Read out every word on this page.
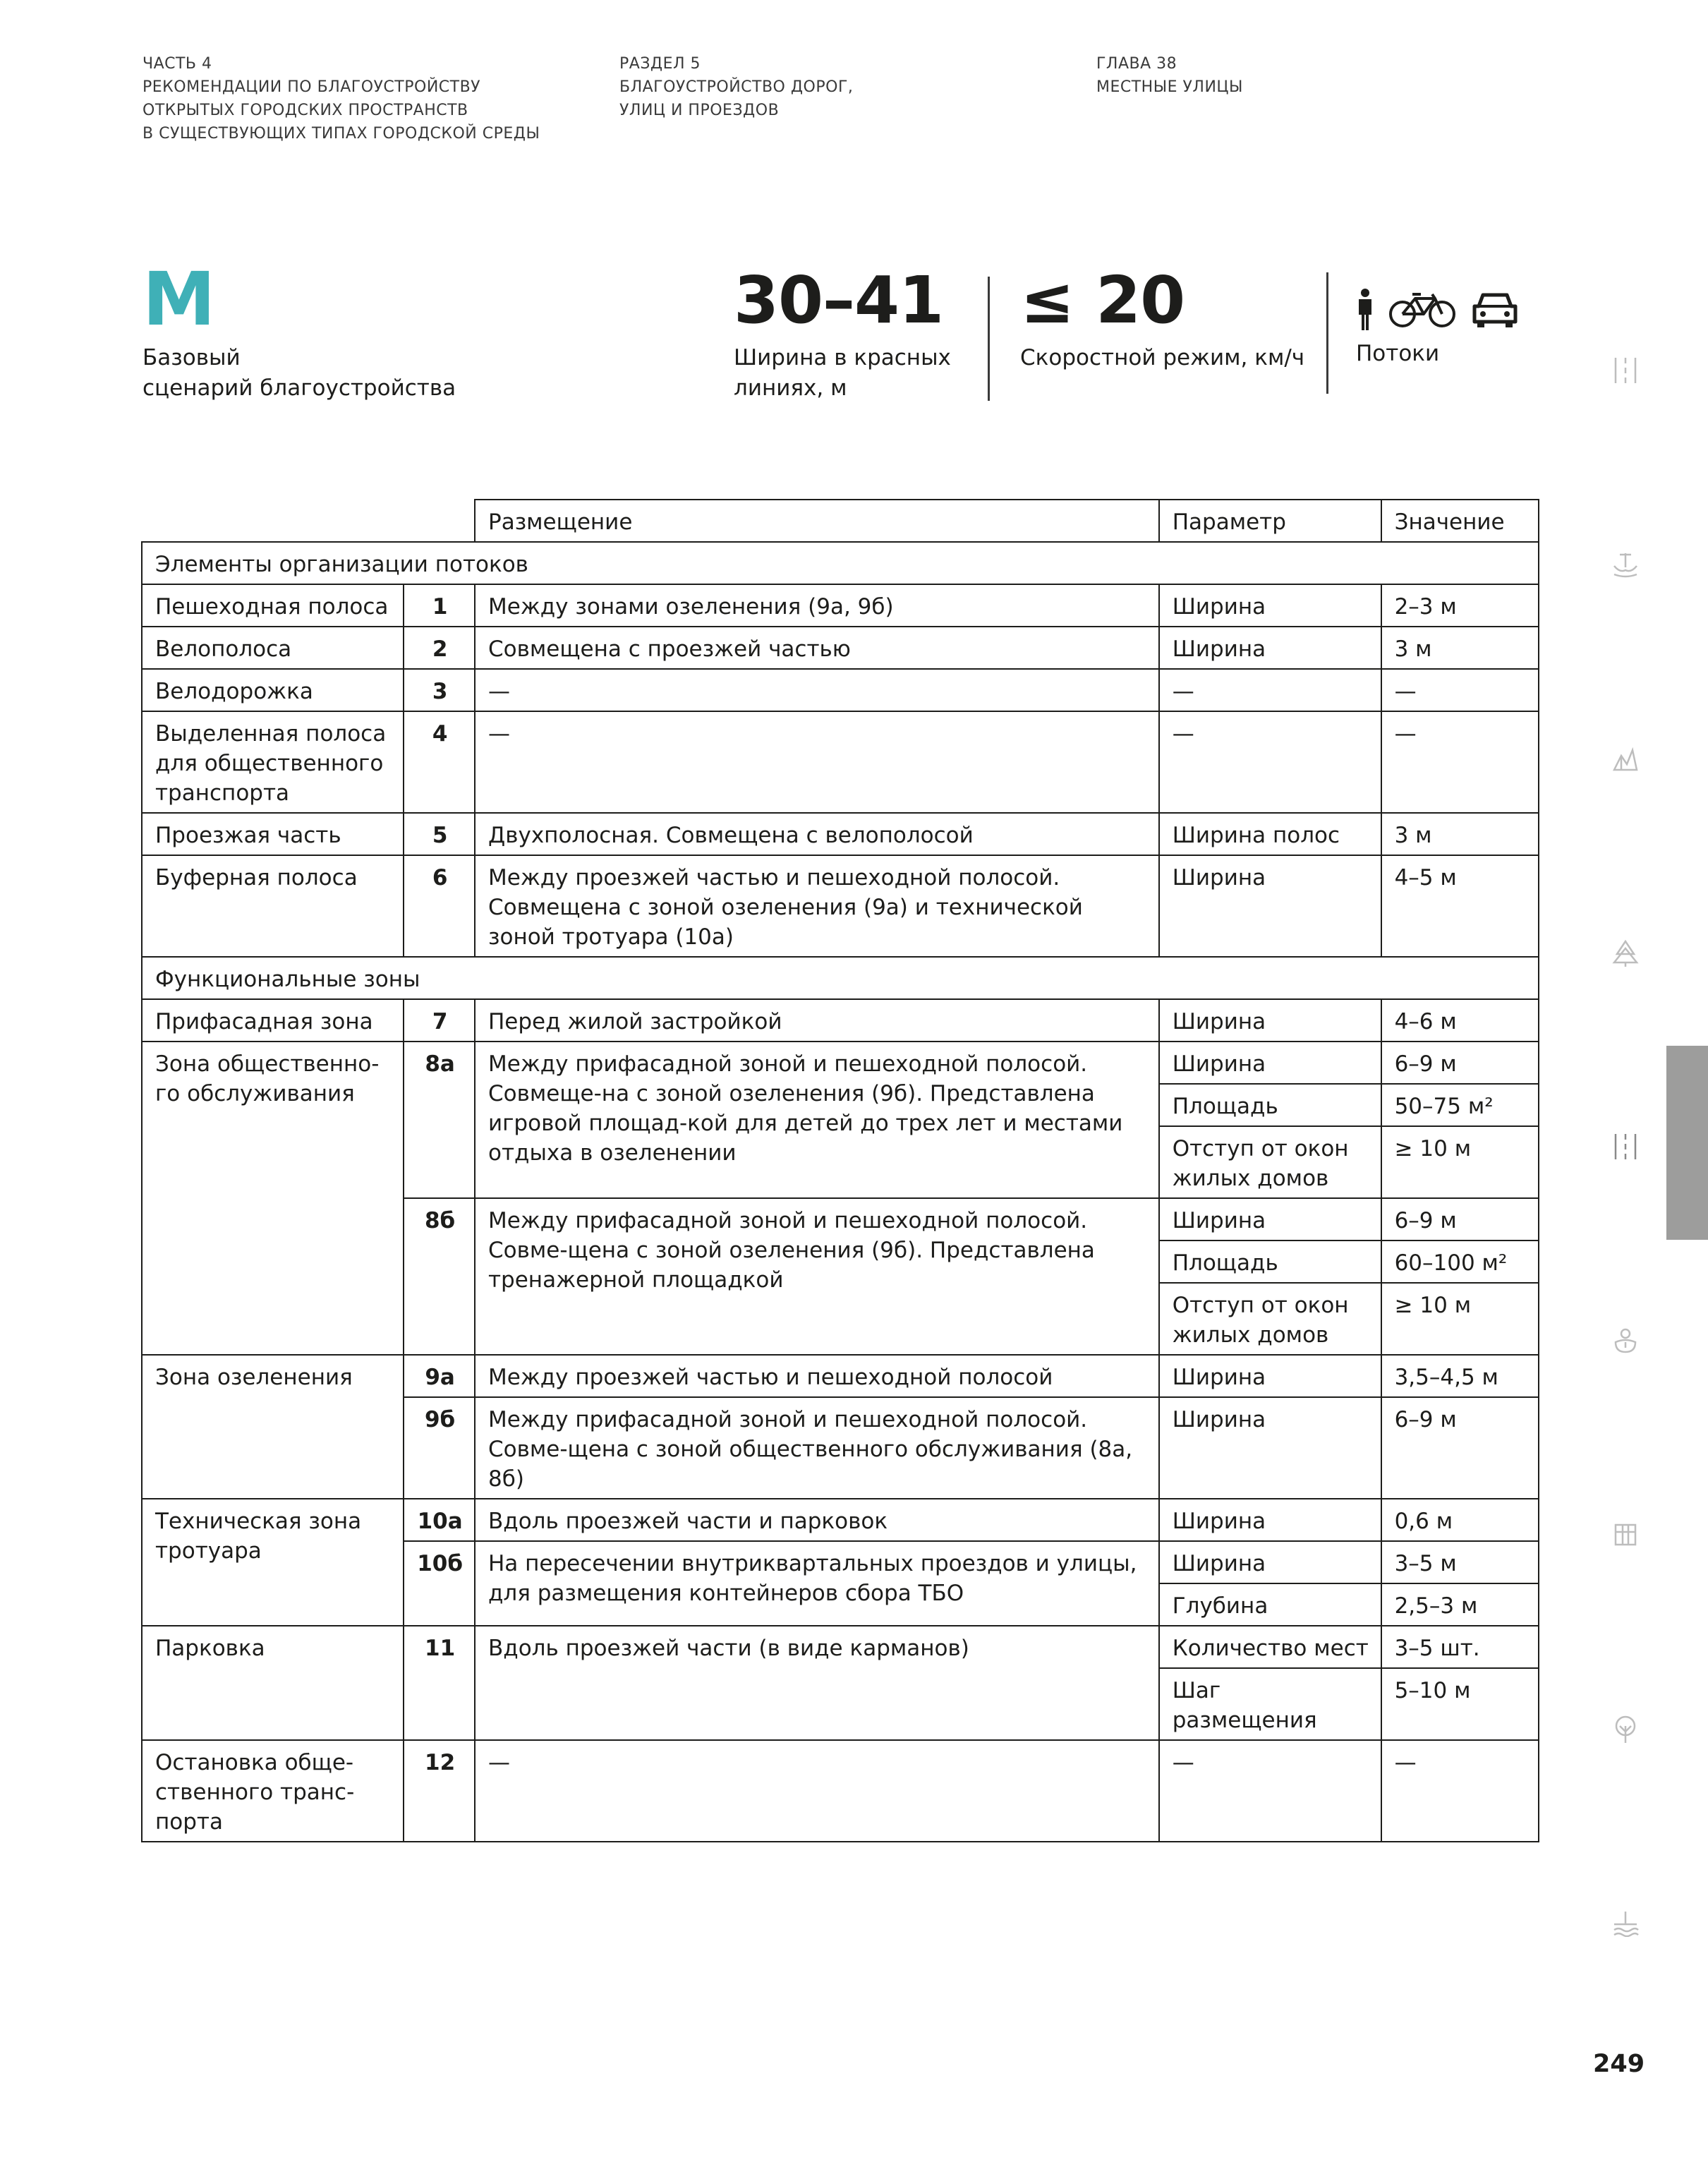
ЧАСТЬ 4
РЕКОМЕНДАЦИИ ПО БЛАГОУСТРОЙСТВУ
ОТКРЫТЫХ ГОРОДСКИХ ПРОСТРАНСТВ
В СУЩЕСТВУЮЩИХ ТИПАХ ГОРОДСКОЙ СРЕДЫ
РАЗДЕЛ 5
БЛАГОУСТРОЙСТВО ДОРОГ,
УЛИЦ И ПРОЕЗДОВ
ГЛАВА 38
МЕСТНЫЕ УЛИЦЫ
М
Базовый
сценарий благоустройства
30–41
Ширина в красных
линиях, м
≤ 20
Скоростной режим, км/ч Потоки
		Размещение	Параметр	Значение
Элементы организации потоков				
Пешеходная полоса	1	Между зонами озеленения (9а, 9б)	Ширина	2–3 м
Велополоса	2	Совмещена с проезжей частью	Ширина	3 м
Велодорожка	3	—	—	—
Выделенная полоса для общественного транспорта	4	—	—	—
Проезжая часть	5	Двухполосная. Совмещена с велополосой	Ширина полос	3 м
Буферная полоса	6	Между проезжей частью и пешеходной полосой. Совмещена с зоной озеленения (9а) и технической зоной тротуара (10а)	Ширина	4–5 м
Функциональные зоны				
Прифасадная зона	7	Перед жилой застройкой	Ширина	4–6 м
Зона общественно-го обслуживания	8а	Между прифасадной зоной и пешеходной полосой. Совмеще-на с зоной озеленения (9б). Представлена игровой площад-кой для детей до трех лет и местами отдыха в озеленении	Ширина	6–9 м
			Площадь	50–75 м²
			Отступ от окон жилых домов	≥ 10 м
	8б	Между прифасадной зоной и пешеходной полосой. Совме-щена с зоной озеленения (9б). Представлена тренажерной площадкой	Ширина	6–9 м
			Площадь	60–100 м²
			Отступ от окон жилых домов	≥ 10 м
Зона озеленения	9а	Между проезжей частью и пешеходной полосой	Ширина	3,5–4,5 м
	9б	Между прифасадной зоной и пешеходной полосой. Совме-щена с зоной общественного обслуживания (8а, 8б)	Ширина	6–9 м
Техническая зона тротуара	10а	Вдоль проезжей части и парковок	Ширина	0,6 м
	10б	На пересечении внутриквартальных проездов и улицы, для размещения контейнеров сбора ТБО	Ширина	3–5 м
			Глубина	2,5–3 м
Парковка	11	Вдоль проезжей части (в виде карманов)	Количество мест	3–5 шт.
			Шаг размещения	5–10 м
Остановка обще-ственного транс-порта	12	—	—	—
249
